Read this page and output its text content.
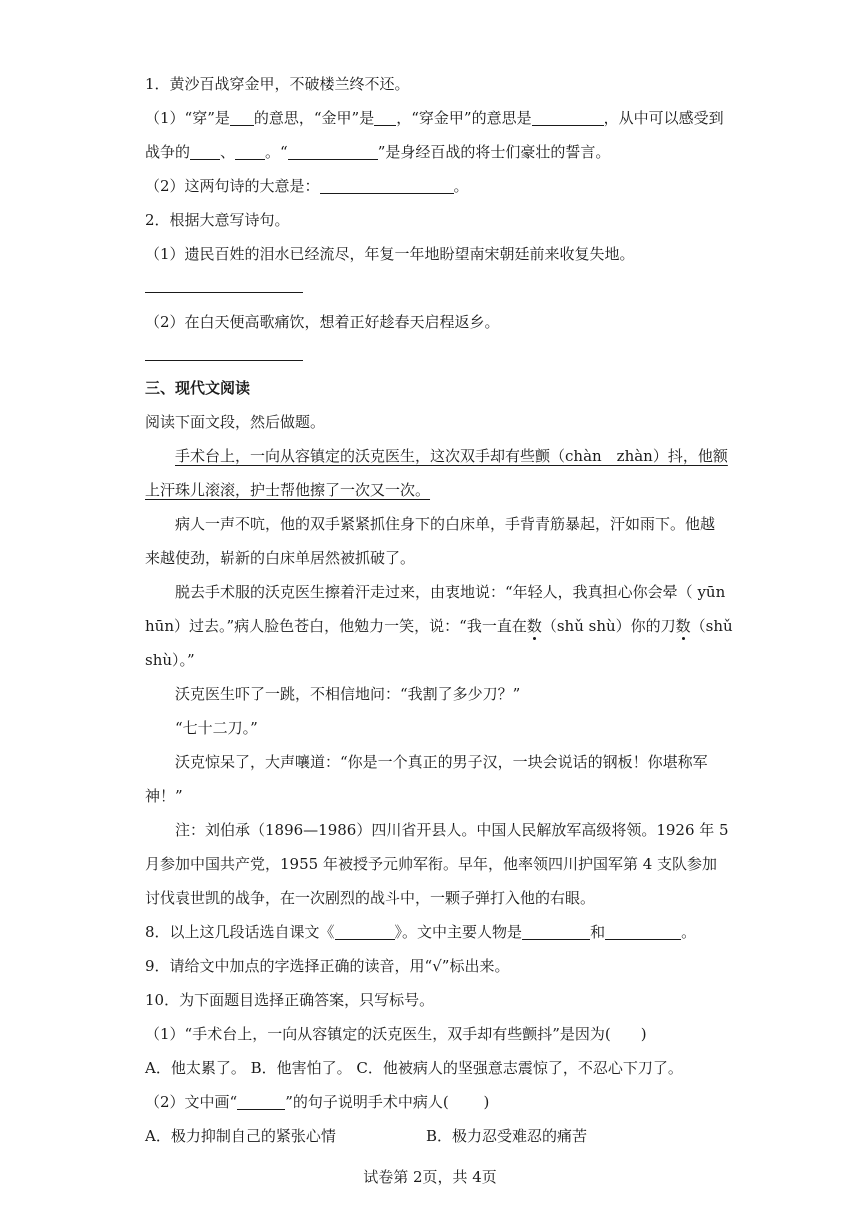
1．黄沙百战穿金甲，不破楼兰终不还。
（1）“穿”是 的意思，“金甲”是 ，“穿金甲”的意思是	，从中可以感受到
战争的 、 。“	”是身经百战的将士们豪壮的誓言。
（2）这两句诗的大意是：	。
2．根据大意写诗句。
（1）遗民百姓的泪水已经流尽，年复一年地盼望南宋朝廷前来收复失地。
（2）在白天便高歌痛饮，想着正好趁春天启程返乡。
三、现代文阅读
阅读下面文段，然后做题。
手术台上，一向从容镇定的沃克医生，这次双手却有些颤（chàn　zhàn）抖，他额
上汗珠儿滚滚，护士帮他擦了一次又一次。
病人一声不吭，他的双手紧紧抓住身下的白床单，手背青筋暴起，汗如雨下。他越
来越使劲，崭新的白床单居然被抓破了。
脱去手术服的沃克医生擦着汗走过来，由衷地说：“年轻人，我真担心你会晕（ yūn
hūn）过去。”病人脸色苍白，他勉力一笑，说：“我一直在数（shǔ shù）你的刀数（shǔ
shù）。”
沃克医生吓了一跳，不相信地问：“我割了多少刀？”
“七十二刀。”
沃克惊呆了，大声嚷道：“你是一个真正的男子汉，一块会说话的钢板！你堪称军
神！”
注：刘伯承（1896—1986）四川省开县人。中国人民解放军高级将领。1926 年 5
月参加中国共产党，1955 年被授予元帅军衔。早年，他率领四川护国军第 4 支队参加
讨伐袁世凯的战争，在一次剧烈的战斗中，一颗子弹打入他的右眼。
8．以上这几段话选自课文《	》。文中主要人物是	和	。
9．请给文中加点的字选择正确的读音，用“√”标出来。
10．为下面题目选择正确答案，只写标号。
（1）“手术台上，一向从容镇定的沃克医生，双手却有些颤抖”是因为(　　)
A．他太累了。 B．他害怕了。 C．他被病人的坚强意志震惊了，不忍心下刀了。
（2）文中画“	”的句子说明手术中病人(　　 )
A．极力抑制自己的紧张心情	B．极力忍受难忍的痛苦
试卷第 2页，共 4页
